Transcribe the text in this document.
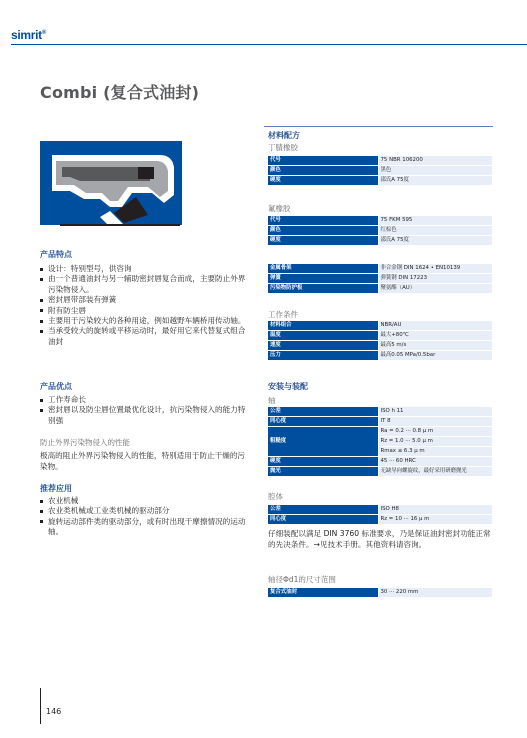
simrit®
Combi (复合式油封)
产品特点
设计：特别型号，供咨询
由一个普通油封与另一辅助密封唇复合而成，主要防止外界污染物侵入。
密封唇带部装有弹簧
附有防尘唇
主要用于污染较大的各种用途，例如越野车辆桥用传动轴。
当承受较大的旋转或平移运动时，最好用它来代替复式组合油封
产品优点
工作寿命长
密封唇以及防尘唇位置最优化设计，抗污染物侵入的能力特别强
防止外界污染物侵入的性能
极高的阻止外界污染物侵入的性能，特别适用于防止干燥的污染物。
推荐应用
农业机械
农业类机械或工业类机械的驱动部分
旋转运动部件类的驱动部分，或有时出现干摩擦情况的运动轴。
材料配方
丁腈橡胶
代号	75 NBR 106200
颜色	黑色
硬度	邵氏A 75度
氟橡胶
代号	75 FKM 595
颜色	红棕色
硬度	邵氏A 75度
金属骨架	非合金钢 DIN 1624 • EN10139
弹簧	弹簧钢 DIN 17223
污染物防护板	聚氨酯（AU）
工作条件
材料组合	NBR/AU
温度	最大+80℃
速度	最高5 m/s
压力	最高0.05 MPa/0.5bar
安装与装配
轴
公差	ISO h 11
同心度	IT 8
粗糙度	Ra = 0.2 ··· 0.8 μ m
	Rz = 1.0 ··· 5.0 μ m
	Rmax ≤ 6.3 μ m
硬度	45 ··· 60 HRC
抛光	无缺导向螺旋纹，最好采用研磨抛光
腔体
公差	ISO H8
同心度	Rz = 10 ··· 16 μ m
仔细装配以满足 DIN 3760 标准要求，乃是保证油封密封功能正常的先决条件。→见技术手册。其他资料请咨询。
轴径Φd1的尺寸范围
复合式油封	30 ··· 220 mm
146
